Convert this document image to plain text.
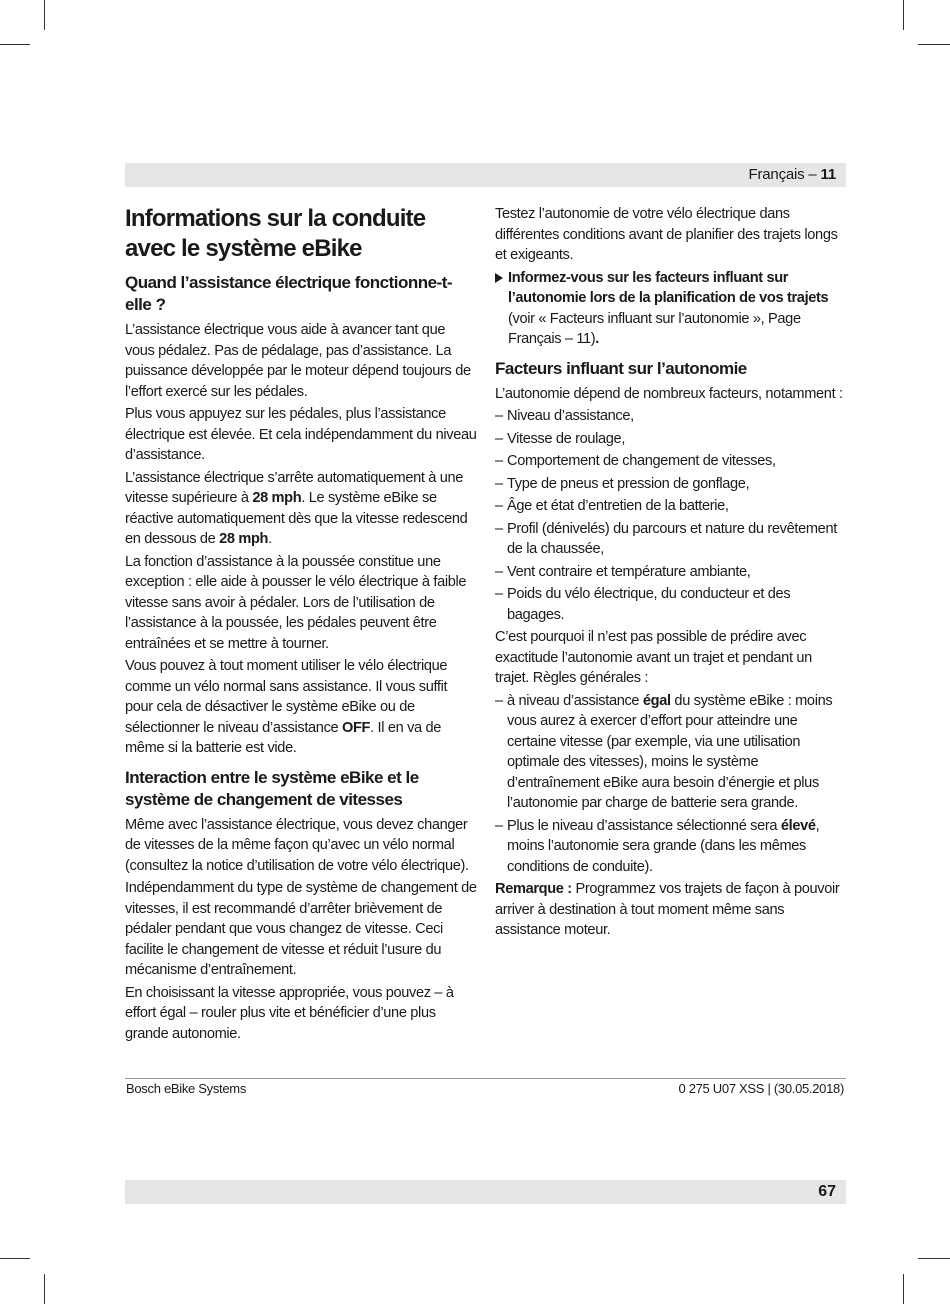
Français – 11
Informations sur la conduite avec le système eBike
Quand l’assistance électrique fonctionne-t-elle ?

L’assistance électrique vous aide à avancer tant que vous pédalez. Pas de pédalage, pas d’assistance. La puissance développée par le moteur dépend toujours de l’effort exercé sur les pédales.

Plus vous appuyez sur les pédales, plus l’assistance électrique est élevée. Et cela indépendamment du niveau d’assistance.

L’assistance électrique s’arrête automatiquement à une vitesse supérieure à 28 mph. Le système eBike se réactive automatiquement dès que la vitesse redescend en dessous de 28 mph.

La fonction d’assistance à la poussée constitue une exception : elle aide à pousser le vélo électrique à faible vitesse sans avoir à pédaler. Lors de l’utilisation de l’assistance à la poussée, les pédales peuvent être entraînées et se mettre à tourner.

Vous pouvez à tout moment utiliser le vélo électrique comme un vélo normal sans assistance. Il vous suffit pour cela de désactiver le système eBike ou de sélectionner le niveau d’assistance OFF. Il en va de même si la batterie est vide.

Interaction entre le système eBike et le système de changement de vitesses

Même avec l’assistance électrique, vous devez changer de vitesses de la même façon qu’avec un vélo normal (consultez la notice d’utilisation de votre vélo électrique).

Indépendamment du type de système de changement de vitesses, il est recommandé d’arrêter brièvement de pédaler pendant que vous changez de vitesse. Ceci facilite le changement de vitesse et réduit l’usure du mécanisme d’entraînement.

En choisissant la vitesse appropriée, vous pouvez – à effort égal – rouler plus vite et bénéficier d’une plus grande autonomie.

Testez l’autonomie de votre vélo électrique dans différentes conditions avant de planifier des trajets longs et exigeants.

Informez-vous sur les facteurs influant sur l’autonomie lors de la planification de vos trajets (voir « Facteurs influant sur l’autonomie », Page Français – 11).
Facteurs influant sur l’autonomie

L’autonomie dépend de nombreux facteurs, notamment :

– Niveau d’assistance,
– Vitesse de roulage,
– Comportement de changement de vitesses,
– Type de pneus et pression de gonflage,
– Âge et état d’entretien de la batterie,
– Profil (dénivelés) du parcours et nature du revêtement de la chaussée,
– Vent contraire et température ambiante,
– Poids du vélo électrique, du conducteur et des bagages.

C’est pourquoi il n’est pas possible de prédire avec exactitude l’autonomie avant un trajet et pendant un trajet. Règles générales :

– à niveau d’assistance égal du système eBike : moins vous aurez à exercer d’effort pour atteindre une certaine vitesse (par exemple, via une utilisation optimale des vitesses), moins le système d’entraînement eBike aura besoin d’énergie et plus l’autonomie par charge de batterie sera grande.
– Plus le niveau d’assistance sélectionné sera élevé, moins l’autonomie sera grande (dans les mêmes conditions de conduite).

Remarque : Programmez vos trajets de façon à pouvoir arriver à destination à tout moment même sans assistance moteur.

Bosch eBike Systems	0 275 U07 XSS | (30.05.2018)
67
